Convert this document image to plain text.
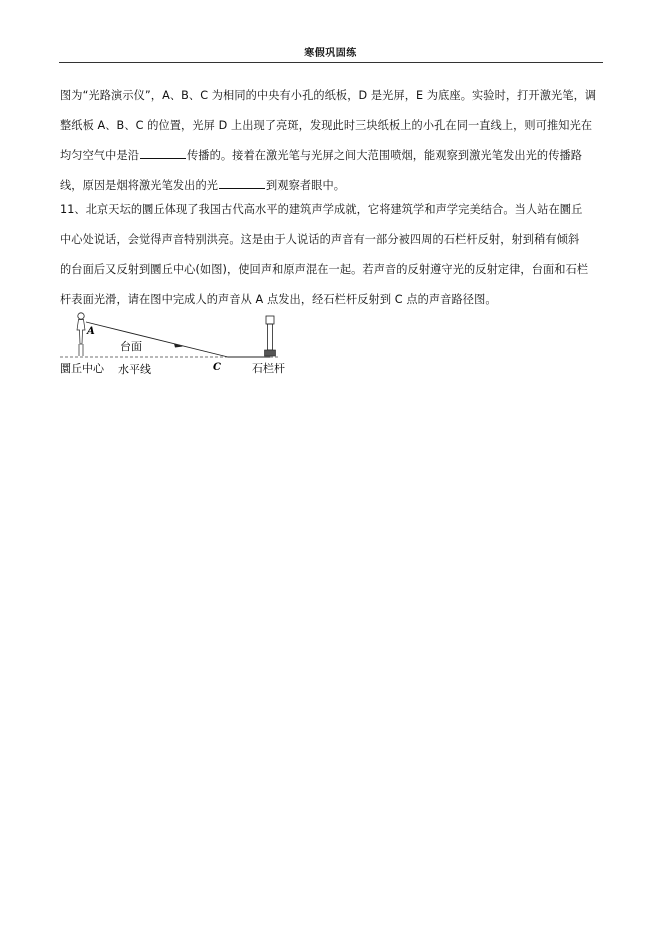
寒假巩固练
图为“光路演示仪”，A、B、C 为相同的中央有小孔的纸板，D 是光屏，E 为底座。实验时，打开激光笔，调
整纸板 A、B、C 的位置，光屏 D 上出现了亮斑，发现此时三块纸板上的小孔在同一直线上，则可推知光在
均匀空气中是沿	传播的。接着在激光笔与光屏之间大范围喷烟，能观察到激光笔发出光的传播路
线，原因是烟将激光笔发出的光	到观察者眼中。
11、北京天坛的圜丘体现了我国古代高水平的建筑声学成就，它将建筑学和声学完美结合。当人站在圜丘
中心处说话，会觉得声音特别洪亮。这是由于人说话的声音有一部分被四周的石栏杆反射，射到稍有倾斜
的台面后又反射到圜丘中心(如图)，使回声和原声混在一起。若声音的反射遵守光的反射定律，台面和石栏
杆表面光滑，请在图中完成人的声音从 A 点发出，经石栏杆反射到 C 点的声音路径图。
A
台面
C
圜丘中心 水平线	石栏杆
